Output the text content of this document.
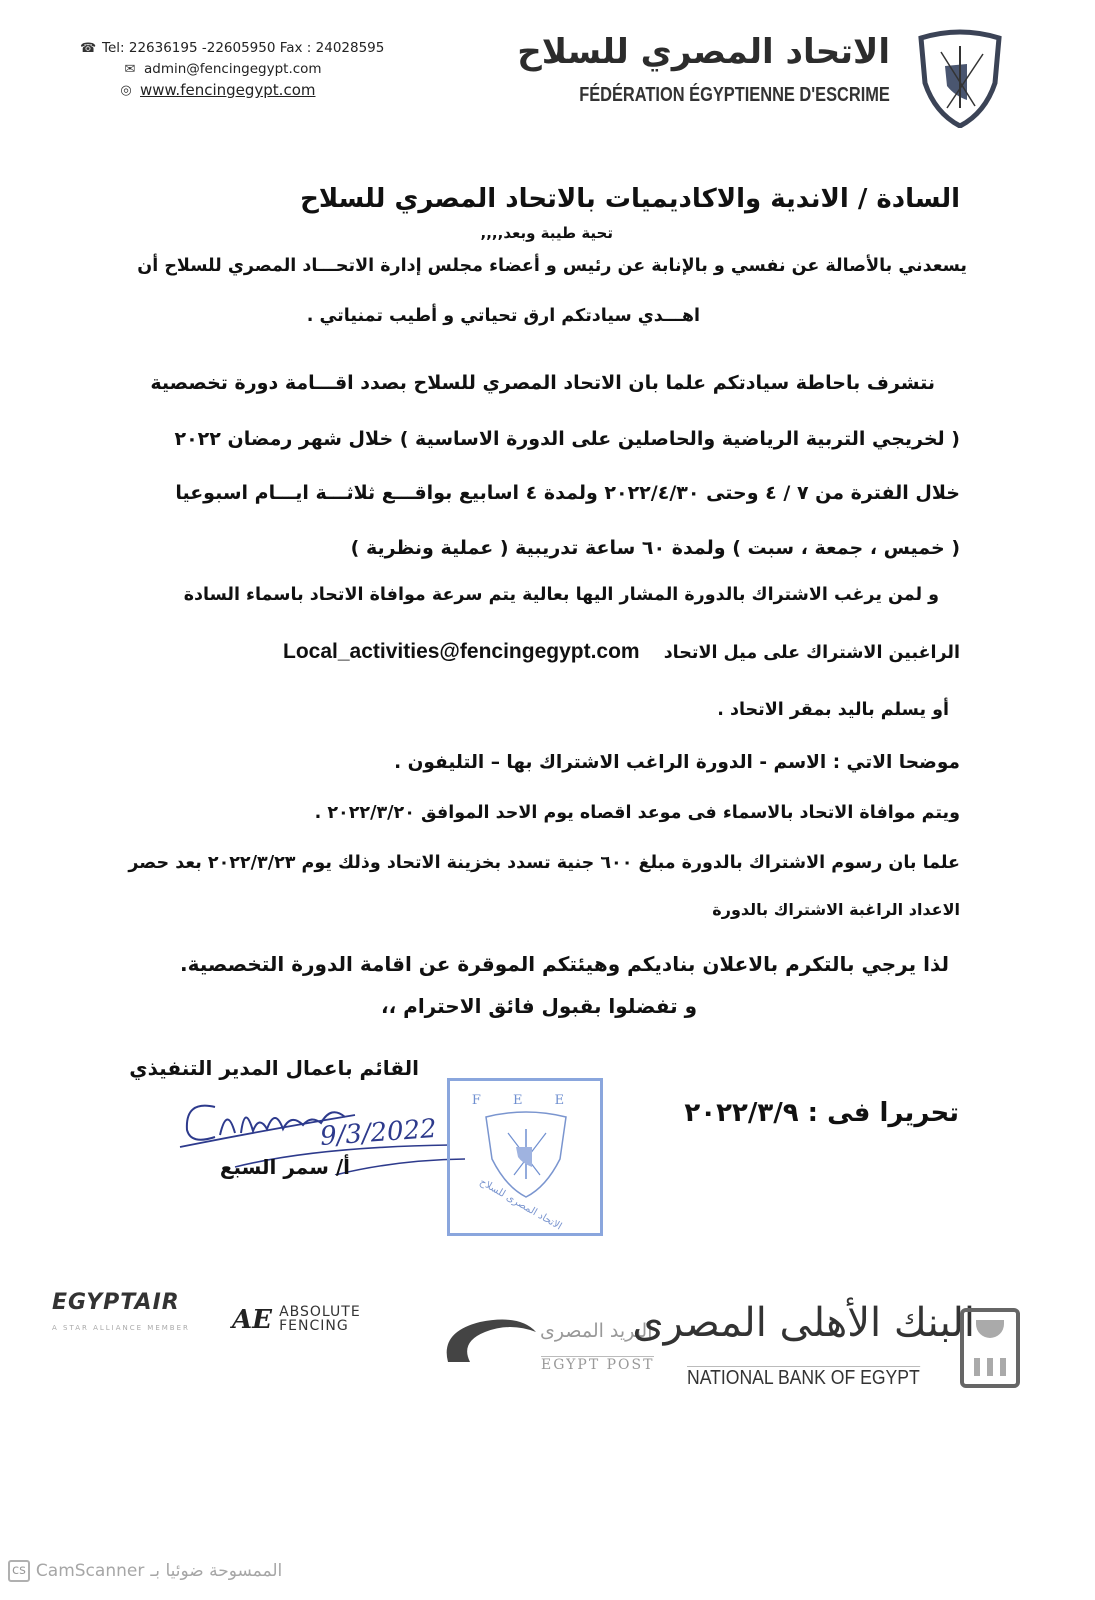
☎ Tel: 22636195 -22605950 Fax : 24028595
✉ admin@fencingegypt.com
◎ www.fencingegypt.com
الاتحاد المصري للسلاح
FÉDÉRATION ÉGYPTIENNE D'ESCRIME
السادة / الاندية والاكاديميات بالاتحاد المصري للسلاح
تحية طيبة وبعد,,,,
يسعدني بالأصالة عن نفسي و بالإنابة عن رئيس و أعضاء مجلس إدارة الاتحـــاد المصري للسلاح أن
اهـــدي سيادتكم ارق تحياتي و أطيب تمنياتي .
نتشرف باحاطة سيادتكم علما بان الاتحاد المصري للسلاح بصدد اقـــامة دورة تخصصية
( لخريجي التربية الرياضية والحاصلين على الدورة الاساسية ) خلال شهر رمضان ٢٠٢٢
خلال الفترة من ٧ / ٤ وحتى ٢٠٢٢/٤/٣٠ ولمدة ٤ اسابيع بواقـــع ثلاثـــة ايـــام اسبوعيا
( خميس ، جمعة ، سبت ) ولمدة ٦٠ ساعة تدريبية ( عملية ونظرية )
و لمن يرغب الاشتراك بالدورة المشار اليها بعالية يتم سرعة موافاة الاتحاد باسماء السادة
الراغبين الاشتراك على ميل الاتحاد Local_activities@fencingegypt.com
أو يسلم باليد بمقر الاتحاد .
موضحا الاتي : الاسم - الدورة الراغب الاشتراك بها – التليفون .
ويتم موافاة الاتحاد بالاسماء فى موعد اقصاه يوم الاحد الموافق ٢٠٢٢/٣/٢٠ .
علما بان رسوم الاشتراك بالدورة مبلغ ٦٠٠ جنية تسدد بخزينة الاتحاد وذلك يوم ٢٠٢٢/٣/٢٣ بعد حصر
الاعداد الراغبة الاشتراك بالدورة
لذا يرجي بالتكرم بالاعلان بناديكم وهيئتكم الموقرة عن اقامة الدورة التخصصية.
و تفضلوا بقبول فائق الاحترام ،،
القائم باعمال المدير التنفيذي
9/3/2022
أ/ سمر السبع
F E E
الاتحاد المصرى للسلاح
تحريرا فى : ٢٠٢٢/٣/٩
EGYPTAIR
A STAR ALLIANCE MEMBER AE ABSOLUTE
FENCING	البريد المصرى
EGYPT POST
البنك الأهلى المصرى
NATIONAL BANK OF EGYPT
cs CamScanner الممسوحة ضوئيا بـ
